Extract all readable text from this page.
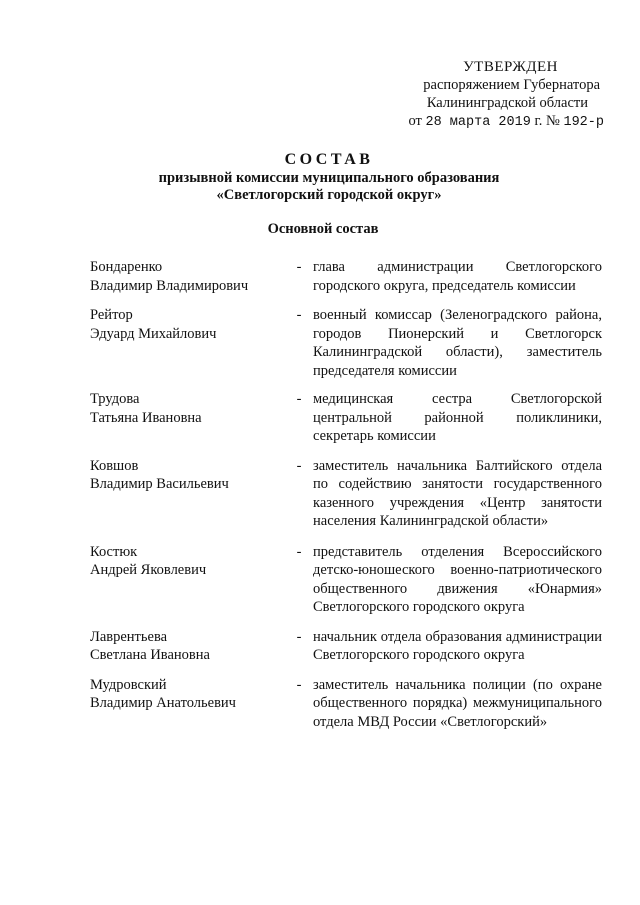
УТВЕРЖДЕН
распоряжением Губернатора
Калининградской области
от 28 марта 2019 г. № 192-р
СОСТАВ
призывной комиссии муниципального образования
«Светлогорский городской округ»
Основной состав
Бондаренко
Владимир Владимирович
- глава администрации Светлогорского городского округа, председатель комиссии
Рейтор
Эдуард Михайлович
- военный комиссар (Зеленоградского района, городов Пионерский и Светлогорск Калининградской области), заместитель председателя комиссии
Трудова
Татьяна Ивановна
- медицинская сестра Светлогорской центральной районной поликлиники, секретарь комиссии
Ковшов
Владимир Васильевич
- заместитель начальника Балтийского отдела по содействию занятости государственного казенного учреждения «Центр занятости населения Калининградской области»
Костюк
Андрей Яковлевич
- представитель отделения Всероссийского детско-юношеского военно-патриотического общественного движения «Юнармия» Светлогорского городского округа
Лаврентьева
Светлана Ивановна
- начальник отдела образования администрации Светлогорского городского округа
Мудровский
Владимир Анатольевич
- заместитель начальника полиции (по охране общественного порядка) межмуниципального отдела МВД России «Светлогорский»
